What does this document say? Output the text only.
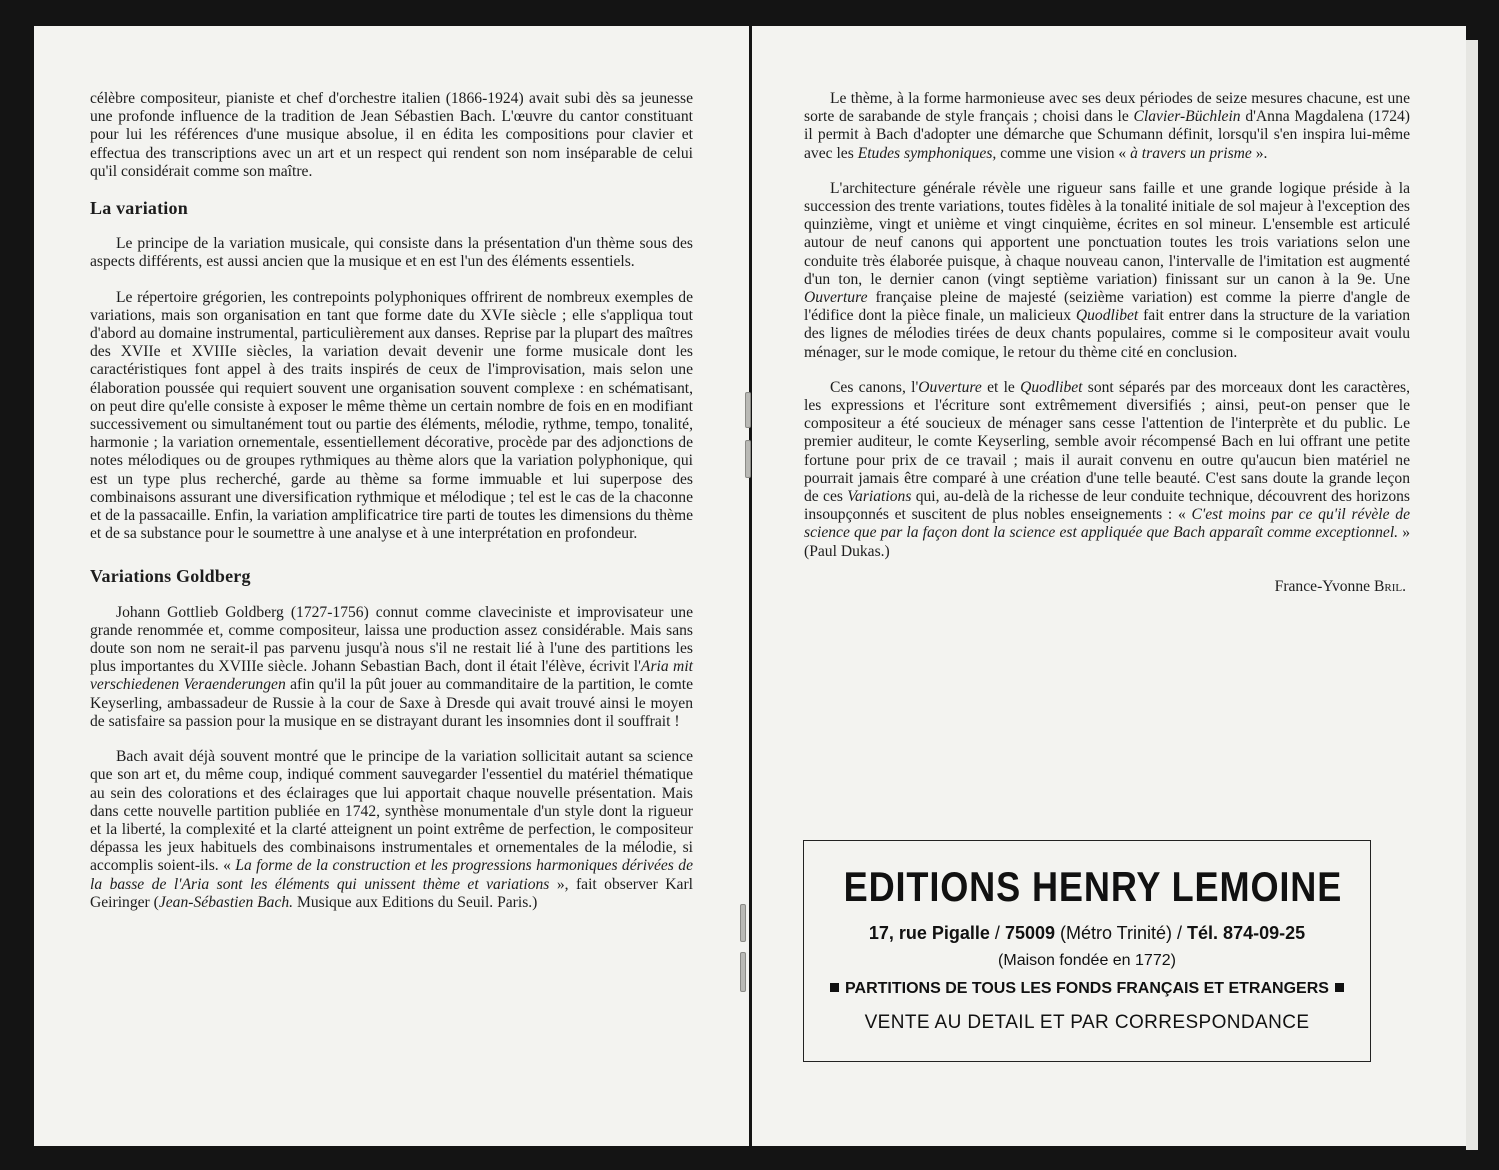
célèbre compositeur, pianiste et chef d'orchestre italien (1866-1924) avait subi dès sa jeunesse une profonde influence de la tradition de Jean Sébastien Bach. L'œuvre du cantor constituant pour lui les références d'une musique absolue, il en édita les compositions pour clavier et effectua des transcriptions avec un art et un respect qui rendent son nom inséparable de celui qu'il considérait comme son maître.

La variation

Le principe de la variation musicale, qui consiste dans la présentation d'un thème sous des aspects différents, est aussi ancien que la musique et en est l'un des éléments essentiels.

Le répertoire grégorien, les contrepoints polyphoniques offrirent de nombreux exemples de variations, mais son organisation en tant que forme date du XVIe siècle ; elle s'appliqua tout d'abord au domaine instrumental, particulièrement aux danses. Reprise par la plupart des maîtres des XVIIe et XVIIIe siècles, la variation devait devenir une forme musicale dont les caractéristiques font appel à des traits inspirés de ceux de l'improvisation, mais selon une élaboration poussée qui requiert souvent une organisation souvent complexe : en schématisant, on peut dire qu'elle consiste à exposer le même thème un certain nombre de fois en en modifiant successivement ou simultanément tout ou partie des éléments, mélodie, rythme, tempo, tonalité, harmonie ; la variation ornementale, essentiellement décorative, procède par des adjonctions de notes mélodiques ou de groupes rythmiques au thème alors que la variation polyphonique, qui est un type plus recherché, garde au thème sa forme immuable et lui superpose des combinaisons assurant une diversification rythmique et mélodique ; tel est le cas de la chaconne et de la passacaille. Enfin, la variation amplificatrice tire parti de toutes les dimensions du thème et de sa substance pour le soumettre à une analyse et à une interprétation en profondeur.

Variations Goldberg

Johann Gottlieb Goldberg (1727-1756) connut comme claveciniste et improvisateur une grande renommée et, comme compositeur, laissa une production assez considérable. Mais sans doute son nom ne serait-il pas parvenu jusqu'à nous s'il ne restait lié à l'une des partitions les plus importantes du XVIIIe siècle. Johann Sebastian Bach, dont il était l'élève, écrivit l'Aria mit verschiedenen Veraenderungen afin qu'il la pût jouer au commanditaire de la partition, le comte Keyserling, ambassadeur de Russie à la cour de Saxe à Dresde qui avait trouvé ainsi le moyen de satisfaire sa passion pour la musique en se distrayant durant les insomnies dont il souffrait !

Bach avait déjà souvent montré que le principe de la variation sollicitait autant sa science que son art et, du même coup, indiqué comment sauvegarder l'essentiel du matériel thématique au sein des colorations et des éclairages que lui apportait chaque nouvelle présentation. Mais dans cette nouvelle partition publiée en 1742, synthèse monumentale d'un style dont la rigueur et la liberté, la complexité et la clarté atteignent un point extrême de perfection, le compositeur dépassa les jeux habituels des combinaisons instrumentales et ornementales de la mélodie, si accomplis soient-ils. « La forme de la construction et les progressions harmoniques dérivées de la basse de l'Aria sont les éléments qui unissent thème et variations », fait observer Karl Geiringer (Jean-Sébastien Bach. Musique aux Editions du Seuil. Paris.)

Le thème, à la forme harmonieuse avec ses deux périodes de seize mesures chacune, est une sorte de sarabande de style français ; choisi dans le Clavier-Büchlein d'Anna Magdalena (1724) il permit à Bach d'adopter une démarche que Schumann définit, lorsqu'il s'en inspira lui-même avec les Etudes symphoniques, comme une vision « à travers un prisme ».

L'architecture générale révèle une rigueur sans faille et une grande logique préside à la succession des trente variations, toutes fidèles à la tonalité initiale de sol majeur à l'exception des quinzième, vingt et unième et vingt cinquième, écrites en sol mineur. L'ensemble est articulé autour de neuf canons qui apportent une ponctuation toutes les trois variations selon une conduite très élaborée puisque, à chaque nouveau canon, l'intervalle de l'imitation est augmenté d'un ton, le dernier canon (vingt septième variation) finissant sur un canon à la 9e. Une Ouverture française pleine de majesté (seizième variation) est comme la pierre d'angle de l'édifice dont la pièce finale, un malicieux Quodlibet fait entrer dans la structure de la variation des lignes de mélodies tirées de deux chants populaires, comme si le compositeur avait voulu ménager, sur le mode comique, le retour du thème cité en conclusion.

Ces canons, l'Ouverture et le Quodlibet sont séparés par des morceaux dont les caractères, les expressions et l'écriture sont extrêmement diversifiés ; ainsi, peut-on penser que le compositeur a été soucieux de ménager sans cesse l'attention de l'interprète et du public. Le premier auditeur, le comte Keyserling, semble avoir récompensé Bach en lui offrant une petite fortune pour prix de ce travail ; mais il aurait convenu en outre qu'aucun bien matériel ne pourrait jamais être comparé à une création d'une telle beauté. C'est sans doute la grande leçon de ces Variations qui, au-delà de la richesse de leur conduite technique, découvrent des horizons insoupçonnés et suscitent de plus nobles enseignements : « C'est moins par ce qu'il révèle de science que par la façon dont la science est appliquée que Bach apparaît comme exceptionnel. » (Paul Dukas.)

France-Yvonne Bril.
EDITIONS HENRY LEMOINE
17, rue Pigalle / 75009 (Métro Trinité) / Tél. 874-09-25
(Maison fondée en 1772)
PARTITIONS DE TOUS LES FONDS FRANÇAIS ET ETRANGERS
VENTE AU DETAIL ET PAR CORRESPONDANCE
